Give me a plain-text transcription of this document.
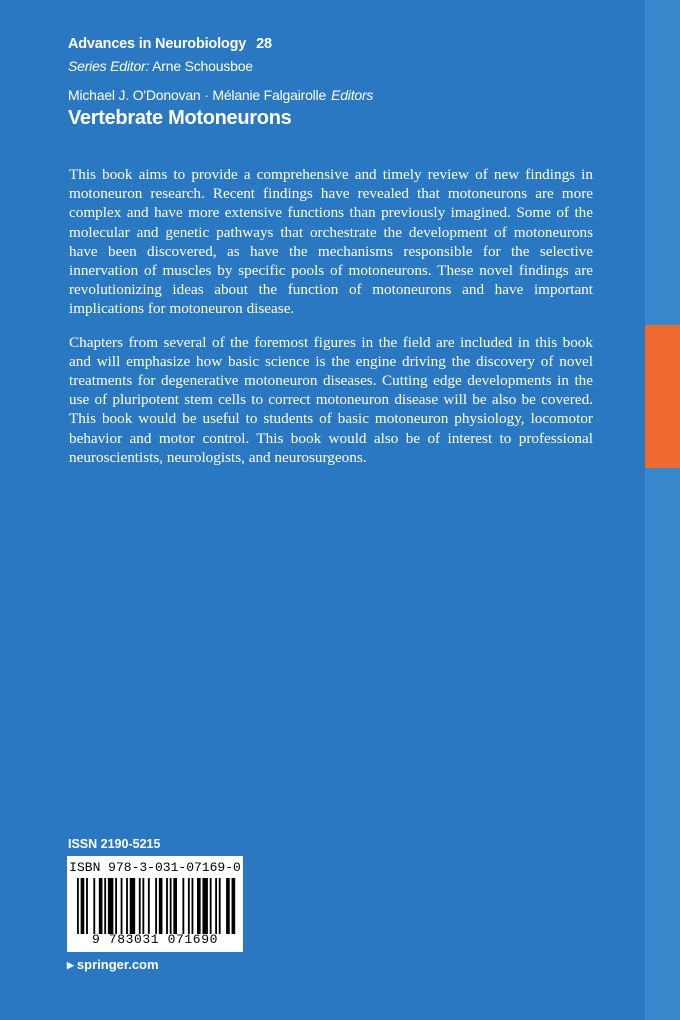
Advances in Neurobiology 28
Series Editor: Arne Schousboe
Michael J. O'Donovan · Mélanie Falgairolle Editors
Vertebrate Motoneurons

This book aims to provide a comprehensive and timely review of new findings in motoneuron research. Recent findings have revealed that motoneurons are more complex and have more extensive functions than previously imagined. Some of the molecular and genetic pathways that orchestrate the development of motoneurons have been discovered, as have the mechanisms responsible for the selective innervation of muscles by specific pools of motoneurons. These novel findings are revolutionizing ideas about the function of motoneurons and have important implications for motoneuron disease.

Chapters from several of the foremost figures in the field are included in this book and will emphasize how basic science is the engine driving the discovery of novel treatments for degenerative motoneuron diseases. Cutting edge developments in the use of pluripotent stem cells to correct motoneuron disease will be also be covered. This book would be useful to students of basic motoneuron physiology, locomotor behavior and motor control. This book would also be of interest to professional neuroscientists, neurologists, and neurosurgeons.

ISSN 2190-5215
ISBN 978-3-031-07169-0
9 783031 071690
▶ springer.com
